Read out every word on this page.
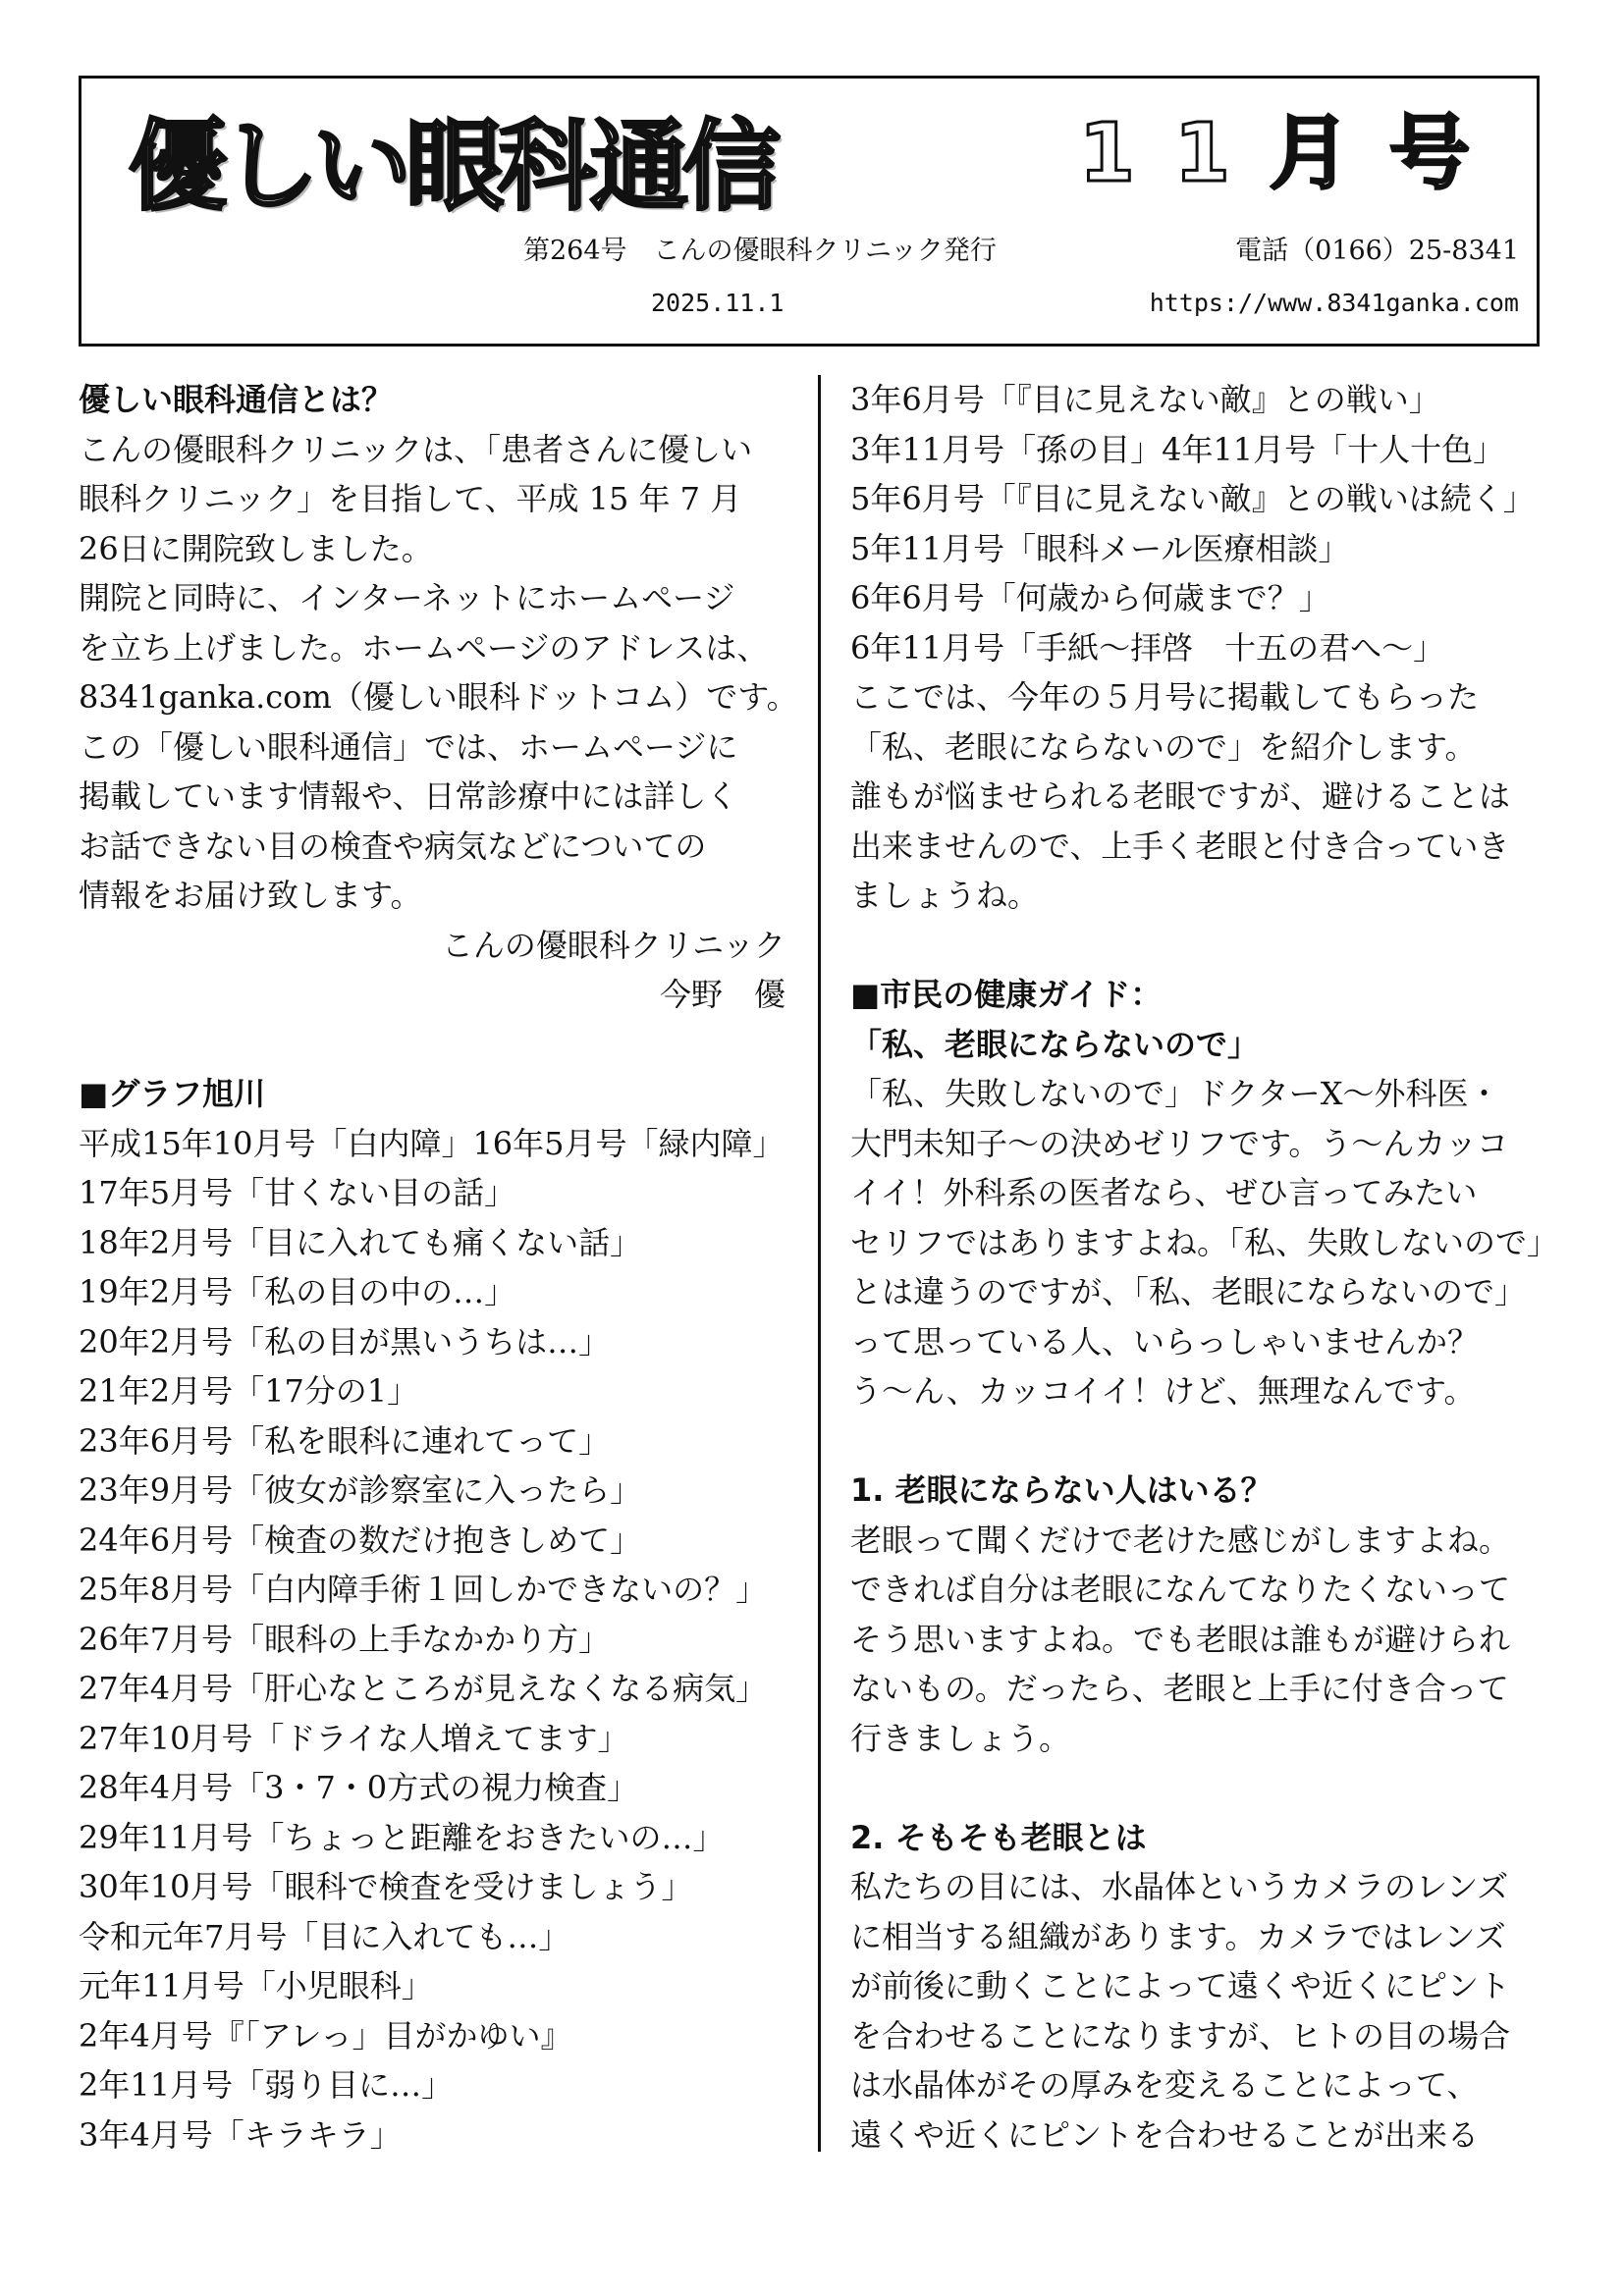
優しい眼科通信	11月号
第264号　こんの優眼科クリニック発行	電話（0166）25-8341
2025.11.1	https://www.8341ganka.com
優しい眼科通信とは？
こんの優眼科クリニックは、「患者さんに優しい
眼科クリニック」を目指して、平成 15 年 7 月
26日に開院致しました。
開院と同時に、インターネットにホームページ
を立ち上げました。ホームページのアドレスは、
8341ganka.com（優しい眼科ドットコム）です。
この「優しい眼科通信」では、ホームページに
掲載しています情報や、日常診療中には詳しく
お話できない目の検査や病気などについての
情報をお届け致します。
こんの優眼科クリニック
今野　優
■グラフ旭川
平成15年10月号「白内障」16年5月号「緑内障」
17年5月号「甘くない目の話」
18年2月号「目に入れても痛くない話」
19年2月号「私の目の中の…」
20年2月号「私の目が黒いうちは…」
21年2月号「17分の1」
23年6月号「私を眼科に連れてって」
23年9月号「彼女が診察室に入ったら」
24年6月号「検査の数だけ抱きしめて」
25年8月号「白内障手術１回しかできないの？」
26年7月号「眼科の上手なかかり方」
27年4月号「肝心なところが見えなくなる病気」
27年10月号「ドライな人増えてます」
28年4月号「3・7・0方式の視力検査」
29年11月号「ちょっと距離をおきたいの…」
30年10月号「眼科で検査を受けましょう」
令和元年7月号「目に入れても…」
元年11月号「小児眼科」
2年4月号『「アレっ」目がかゆい』
2年11月号「弱り目に…」
3年4月号「キラキラ」
3年6月号「『目に見えない敵』との戦い」
3年11月号「孫の目」4年11月号「十人十色」
5年6月号「『目に見えない敵』との戦いは続く」
5年11月号「眼科メール医療相談」
6年6月号「何歳から何歳まで？」
6年11月号「手紙～拝啓　十五の君へ～」
ここでは、今年の５月号に掲載してもらった
「私、老眼にならないので」を紹介します。
誰もが悩ませられる老眼ですが、避けることは
出来ませんので、上手く老眼と付き合っていき
ましょうね。
■市民の健康ガイド：
「私、老眼にならないので」
「私、失敗しないので」ドクターX～外科医・
大門未知子～の決めゼリフです。う～んカッコ
イイ！外科系の医者なら、ぜひ言ってみたい
セリフではありますよね。「私、失敗しないので」
とは違うのですが、「私、老眼にならないので」
って思っている人、いらっしゃいませんか？
う～ん、カッコイイ！けど、無理なんです。
1. 老眼にならない人はいる？
老眼って聞くだけで老けた感じがしますよね。
できれば自分は老眼になんてなりたくないって
そう思いますよね。でも老眼は誰もが避けられ
ないもの。だったら、老眼と上手に付き合って
行きましょう。
2. そもそも老眼とは
私たちの目には、水晶体というカメラのレンズ
に相当する組織があります。カメラではレンズ
が前後に動くことによって遠くや近くにピント
を合わせることになりますが、ヒトの目の場合
は水晶体がその厚みを変えることによって、
遠くや近くにピントを合わせることが出来る
